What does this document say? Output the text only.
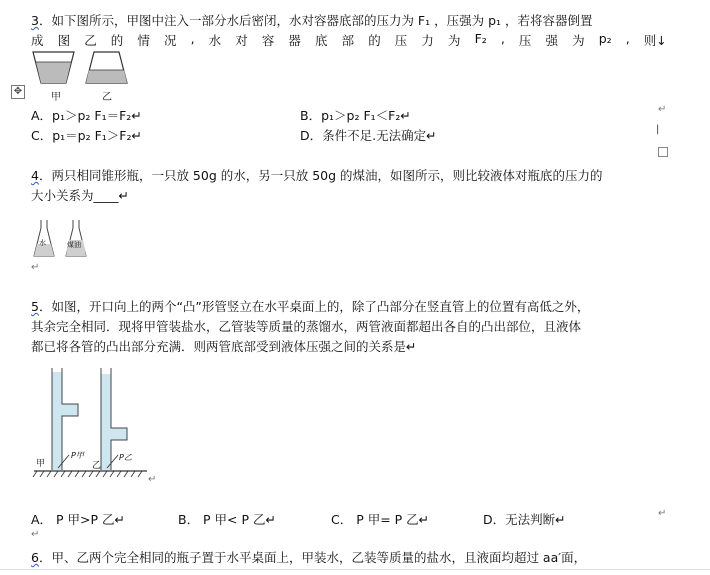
3．如下图所示，甲图中注入一部分水后密闭，水对容器底部的压力为 F₁ ，压强为 p₁ ，若将容器倒置
成 图 乙 的 情 况 , 水 对 容 器 底 部 的 压 力 为 F₂ , 压 强 为 p₂ , 则↓
✥
甲	乙
A．p₁＞p₂ F₁＝F₂↵	B．p₁＞p₂ F₁＜F₂↵
C．p₁＝p₂ F₁＞F₂↵	D．条件不足.无法确定↵
↵
|
4．两只相同锥形瓶，一只放 50g 的水，另一只放 50g 的煤油，如图所示，则比较液体对瓶底的压力的
大小关系为____↵
水	煤油
↵
5．如图，开口向上的两个“凸”形管竖立在水平桌面上的，除了凸部分在竖直管上的位置有高低之外，
其余完全相同．现将甲管装盐水，乙管装等质量的蒸馏水，两管液面都超出各自的凸出部位，且液体
都已将各管的凸出部分充满．则两管底部受到液体压强之间的关系是↵
甲	乙
P甲	P乙
↵
A． P 甲>P 乙↵	B． P 甲< P 乙↵	C． P 甲= P 乙↵	D．无法判断↵	↵
↵
6．甲、乙两个完全相同的瓶子置于水平桌面上，甲装水，乙装等质量的盐水，且液面均超过 aa′面，
